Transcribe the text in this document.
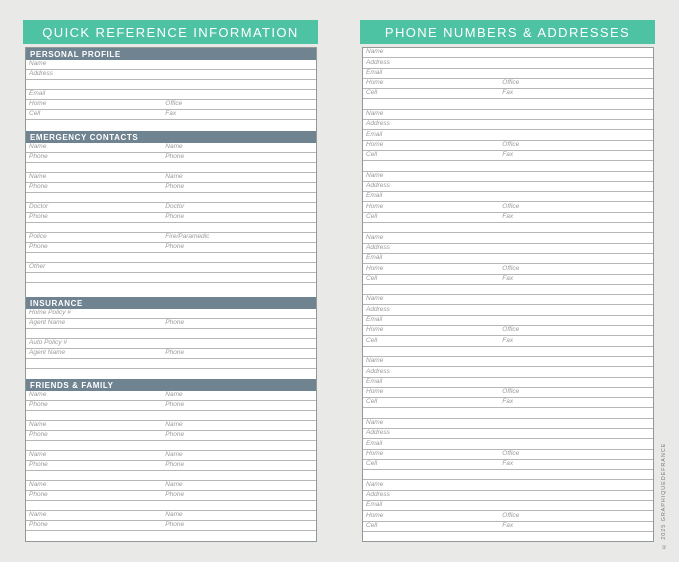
QUICK REFERENCE INFORMATION
PERSONAL PROFILE
Name
Address
Email
Home	Office
Cell	Fax
EMERGENCY CONTACTS
Name	Name
Phone	Phone
Name	Name
Phone	Phone
Doctor	Doctor
Phone	Phone
Police	Fire/Paramedic
Phone	Phone
Other
INSURANCE
Home Policy #
Agent Name	Phone
Auto Policy #
Agent Name	Phone
FRIENDS & FAMILY
Name	Name
Phone	Phone
Name	Name
Phone	Phone
Name	Name
Phone	Phone
Name	Name
Phone	Phone
Name	Name
Phone	Phone
PHONE NUMBERS & ADDRESSES
Name
Address
Email
Home	Office
Cell	Fax
Name
Address
Email
Home	Office
Cell	Fax
Name
Address
Email
Home	Office
Cell	Fax
Name
Address
Email
Home	Office
Cell	Fax
Name
Address
Email
Home	Office
Cell	Fax
Name
Address
Email
Home	Office
Cell	Fax
Name
Address
Email
Home	Office
Cell	Fax
Name
Address
Email
Home	Office
Cell	Fax	© 2025 GRAPHIQUEDEFRANCE
